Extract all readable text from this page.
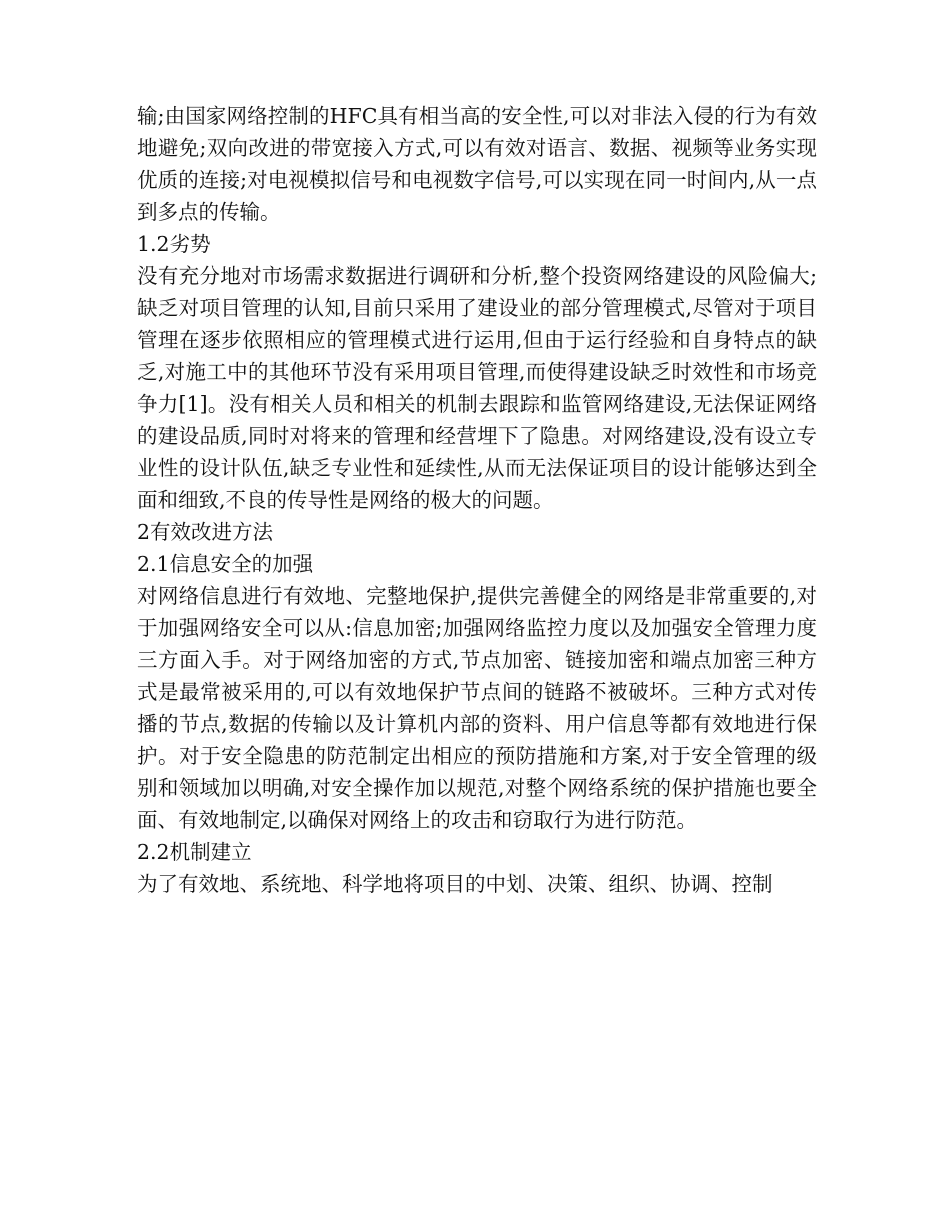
输;由国家网络控制的HFC具有相当高的安全性,可以对非法入侵的行为有效地避免;双向改进的带宽接入方式,可以有效对语言、数据、视频等业务实现优质的连接;对电视模拟信号和电视数字信号,可以实现在同一时间内,从一点到多点的传输。

1.2劣势

没有充分地对市场需求数据进行调研和分析,整个投资网络建设的风险偏大;缺乏对项目管理的认知,目前只采用了建设业的部分管理模式,尽管对于项目管理在逐步依照相应的管理模式进行运用,但由于运行经验和自身特点的缺乏,对施工中的其他环节没有采用项目管理,而使得建设缺乏时效性和市场竞争力[1]。没有相关人员和相关的机制去跟踪和监管网络建设,无法保证网络的建设品质,同时对将来的管理和经营埋下了隐患。对网络建设,没有设立专业性的设计队伍,缺乏专业性和延续性,从而无法保证项目的设计能够达到全面和细致,不良的传导性是网络的极大的问题。

2有效改进方法
2.1信息安全的加强

对网络信息进行有效地、完整地保护,提供完善健全的网络是非常重要的,对于加强网络安全可以从:信息加密;加强网络监控力度以及加强安全管理力度三方面入手。对于网络加密的方式,节点加密、链接加密和端点加密三种方式是最常被采用的,可以有效地保护节点间的链路不被破坏。三种方式对传播的节点,数据的传输以及计算机内部的资料、用户信息等都有效地进行保护。对于安全隐患的防范制定出相应的预防措施和方案,对于安全管理的级别和领域加以明确,对安全操作加以规范,对整个网络系统的保护措施也要全面、有效地制定,以确保对网络上的攻击和窃取行为进行防范。

2.2机制建立

为了有效地、系统地、科学地将项目的中划、决策、组织、协调、控制
